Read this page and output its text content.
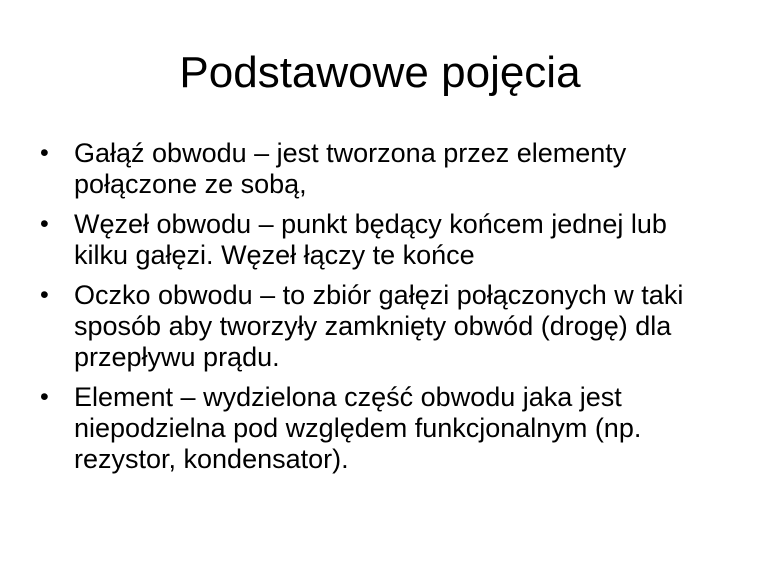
Podstawowe pojęcia
• Gałąź obwodu – jest tworzona przez elementy połączone ze sobą,
• Węzeł obwodu – punkt będący końcem jednej lub kilku gałęzi. Węzeł łączy te końce
• Oczko obwodu – to zbiór gałęzi połączonych w taki sposób aby tworzyły zamknięty obwód (drogę) dla przepływu prądu.
• Element – wydzielona część obwodu jaka jest niepodzielna pod względem funkcjonalnym (np. rezystor, kondensator).
